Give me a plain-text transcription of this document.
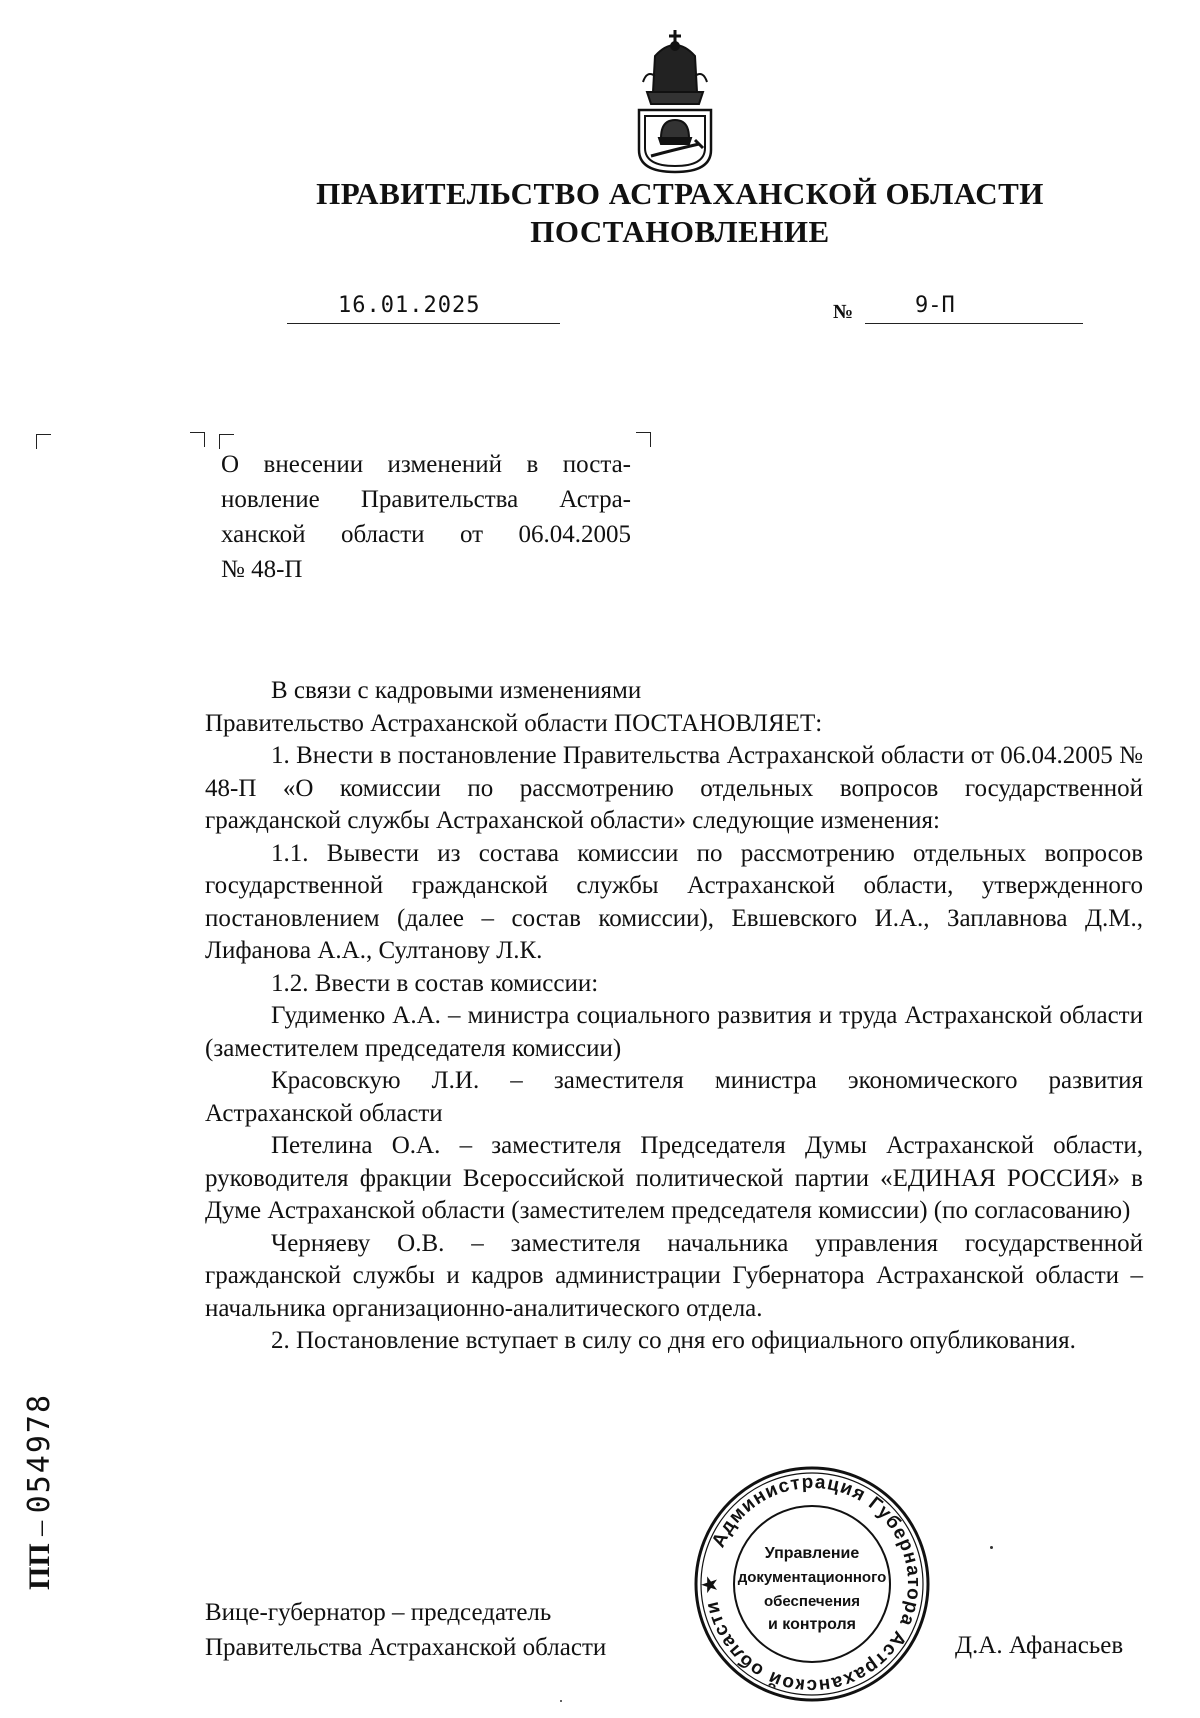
ПРАВИТЕЛЬСТВО АСТРАХАНСКОЙ ОБЛАСТИ
ПОСТАНОВЛЕНИЕ
16.01.2025	№	9-П
О внесении изменений в поста-
новление Правительства Астра-
ханской области от 06.04.2005
№ 48-П

В связи с кадровыми изменениями

Правительство Астраханской области ПОСТАНОВЛЯЕТ:

1. Внести в постановление Правительства Астраханской области от 06.04.2005 № 48-П «О комиссии по рассмотрению отдельных вопросов государственной гражданской службы Астраханской области» следующие изменения:

1.1. Вывести из состава комиссии по рассмотрению отдельных вопросов государственной гражданской службы Астраханской области, утвержденного постановлением (далее – состав комиссии), Евшевского И.А., Заплавнова Д.М., Лифанова А.А., Султанову Л.К.

1.2. Ввести в состав комиссии:

Гудименко А.А. – министра социального развития и труда Астраханской области (заместителем председателя комиссии)

Красовскую Л.И. – заместителя министра экономического развития Астраханской области

Петелина О.А. – заместителя Председателя Думы Астраханской области, руководителя фракции Всероссийской политической партии «ЕДИНАЯ РОССИЯ» в Думе Астраханской области (заместителем председателя комиссии) (по согласованию)

Черняеву О.В. – заместителя начальника управления государственной гражданской службы и кадров администрации Губернатора Астраханской области – начальника организационно-аналитического отдела.

2. Постановление вступает в силу со дня его официального опубликования.

Вице-губернатор – председатель
Правительства Астраханской области	Д.А. Афанасьев
Администрация Губернатора Астраханской области ★
Управление
документационного
обеспечения
и контроля
ПП – 054978
